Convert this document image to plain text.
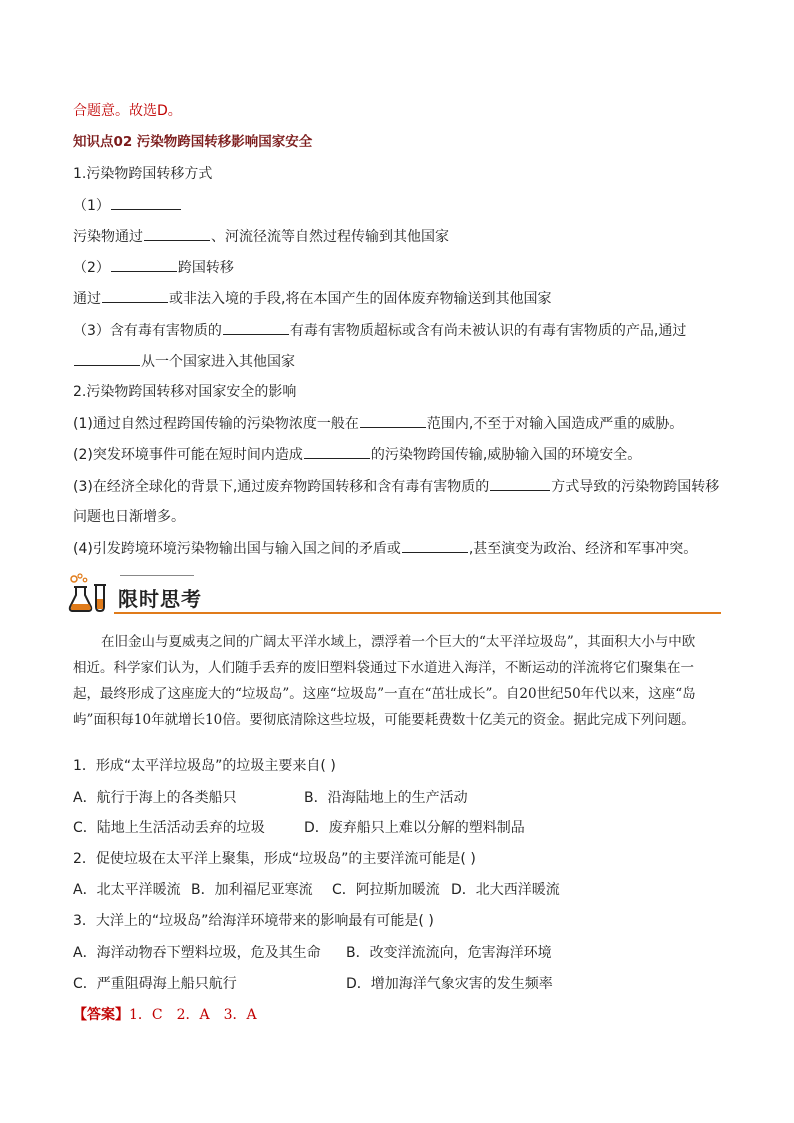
合题意。故选D。
知识点02 污染物跨国转移影响国家安全
1.污染物跨国转移方式
（1）
污染物通过	、河流径流等自然过程传输到其他国家
（2）	跨国转移
通过	或非法入境的手段,将在本国产生的固体废弃物输送到其他国家
（3）含有毒有害物质的	有毒有害物质超标或含有尚未被认识的有毒有害物质的产品,通过
从一个国家进入其他国家
2.污染物跨国转移对国家安全的影响
(1)通过自然过程跨国传输的污染物浓度一般在	范围内,不至于对输入国造成严重的威胁。
(2)突发环境事件可能在短时间内造成	的污染物跨国传输,威胁输入国的环境安全。
(3)在经济全球化的背景下,通过废弃物跨国转移和含有毒有害物质的	方式导致的污染物跨国转移
问题也日渐增多。
(4)引发跨境环境污染物输出国与输入国之间的矛盾或	,甚至演变为政治、经济和军事冲突。
限时思考
在旧金山与夏威夷之间的广阔太平洋水域上，漂浮着一个巨大的“太平洋垃圾岛”，其面积大小与中欧
相近。科学家们认为，人们随手丢弃的废旧塑料袋通过下水道进入海洋，不断运动的洋流将它们聚集在一
起，最终形成了这座庞大的“垃圾岛”。这座“垃圾岛”一直在“茁壮成长”。自20世纪50年代以来，这座“岛
屿”面积每10年就增长10倍。要彻底清除这些垃圾，可能要耗费数十亿美元的资金。据此完成下列问题。
1．形成“太平洋垃圾岛”的垃圾主要来自( )
A．航行于海上的各类船只	B．沿海陆地上的生产活动
C．陆地上生活活动丢弃的垃圾	D．废弃船只上难以分解的塑料制品
2．促使垃圾在太平洋上聚集，形成“垃圾岛”的主要洋流可能是( )
A．北太平洋暖流 B．加利福尼亚寒流 C．阿拉斯加暖流 D．北大西洋暖流
3．大洋上的“垃圾岛”给海洋环境带来的影响最有可能是( )
A．海洋动物吞下塑料垃圾，危及其生命 B．改变洋流流向，危害海洋环境
C．严重阻碍海上船只航行	D．增加海洋气象灾害的发生频率
【答案】1．C　2．A　3．A
